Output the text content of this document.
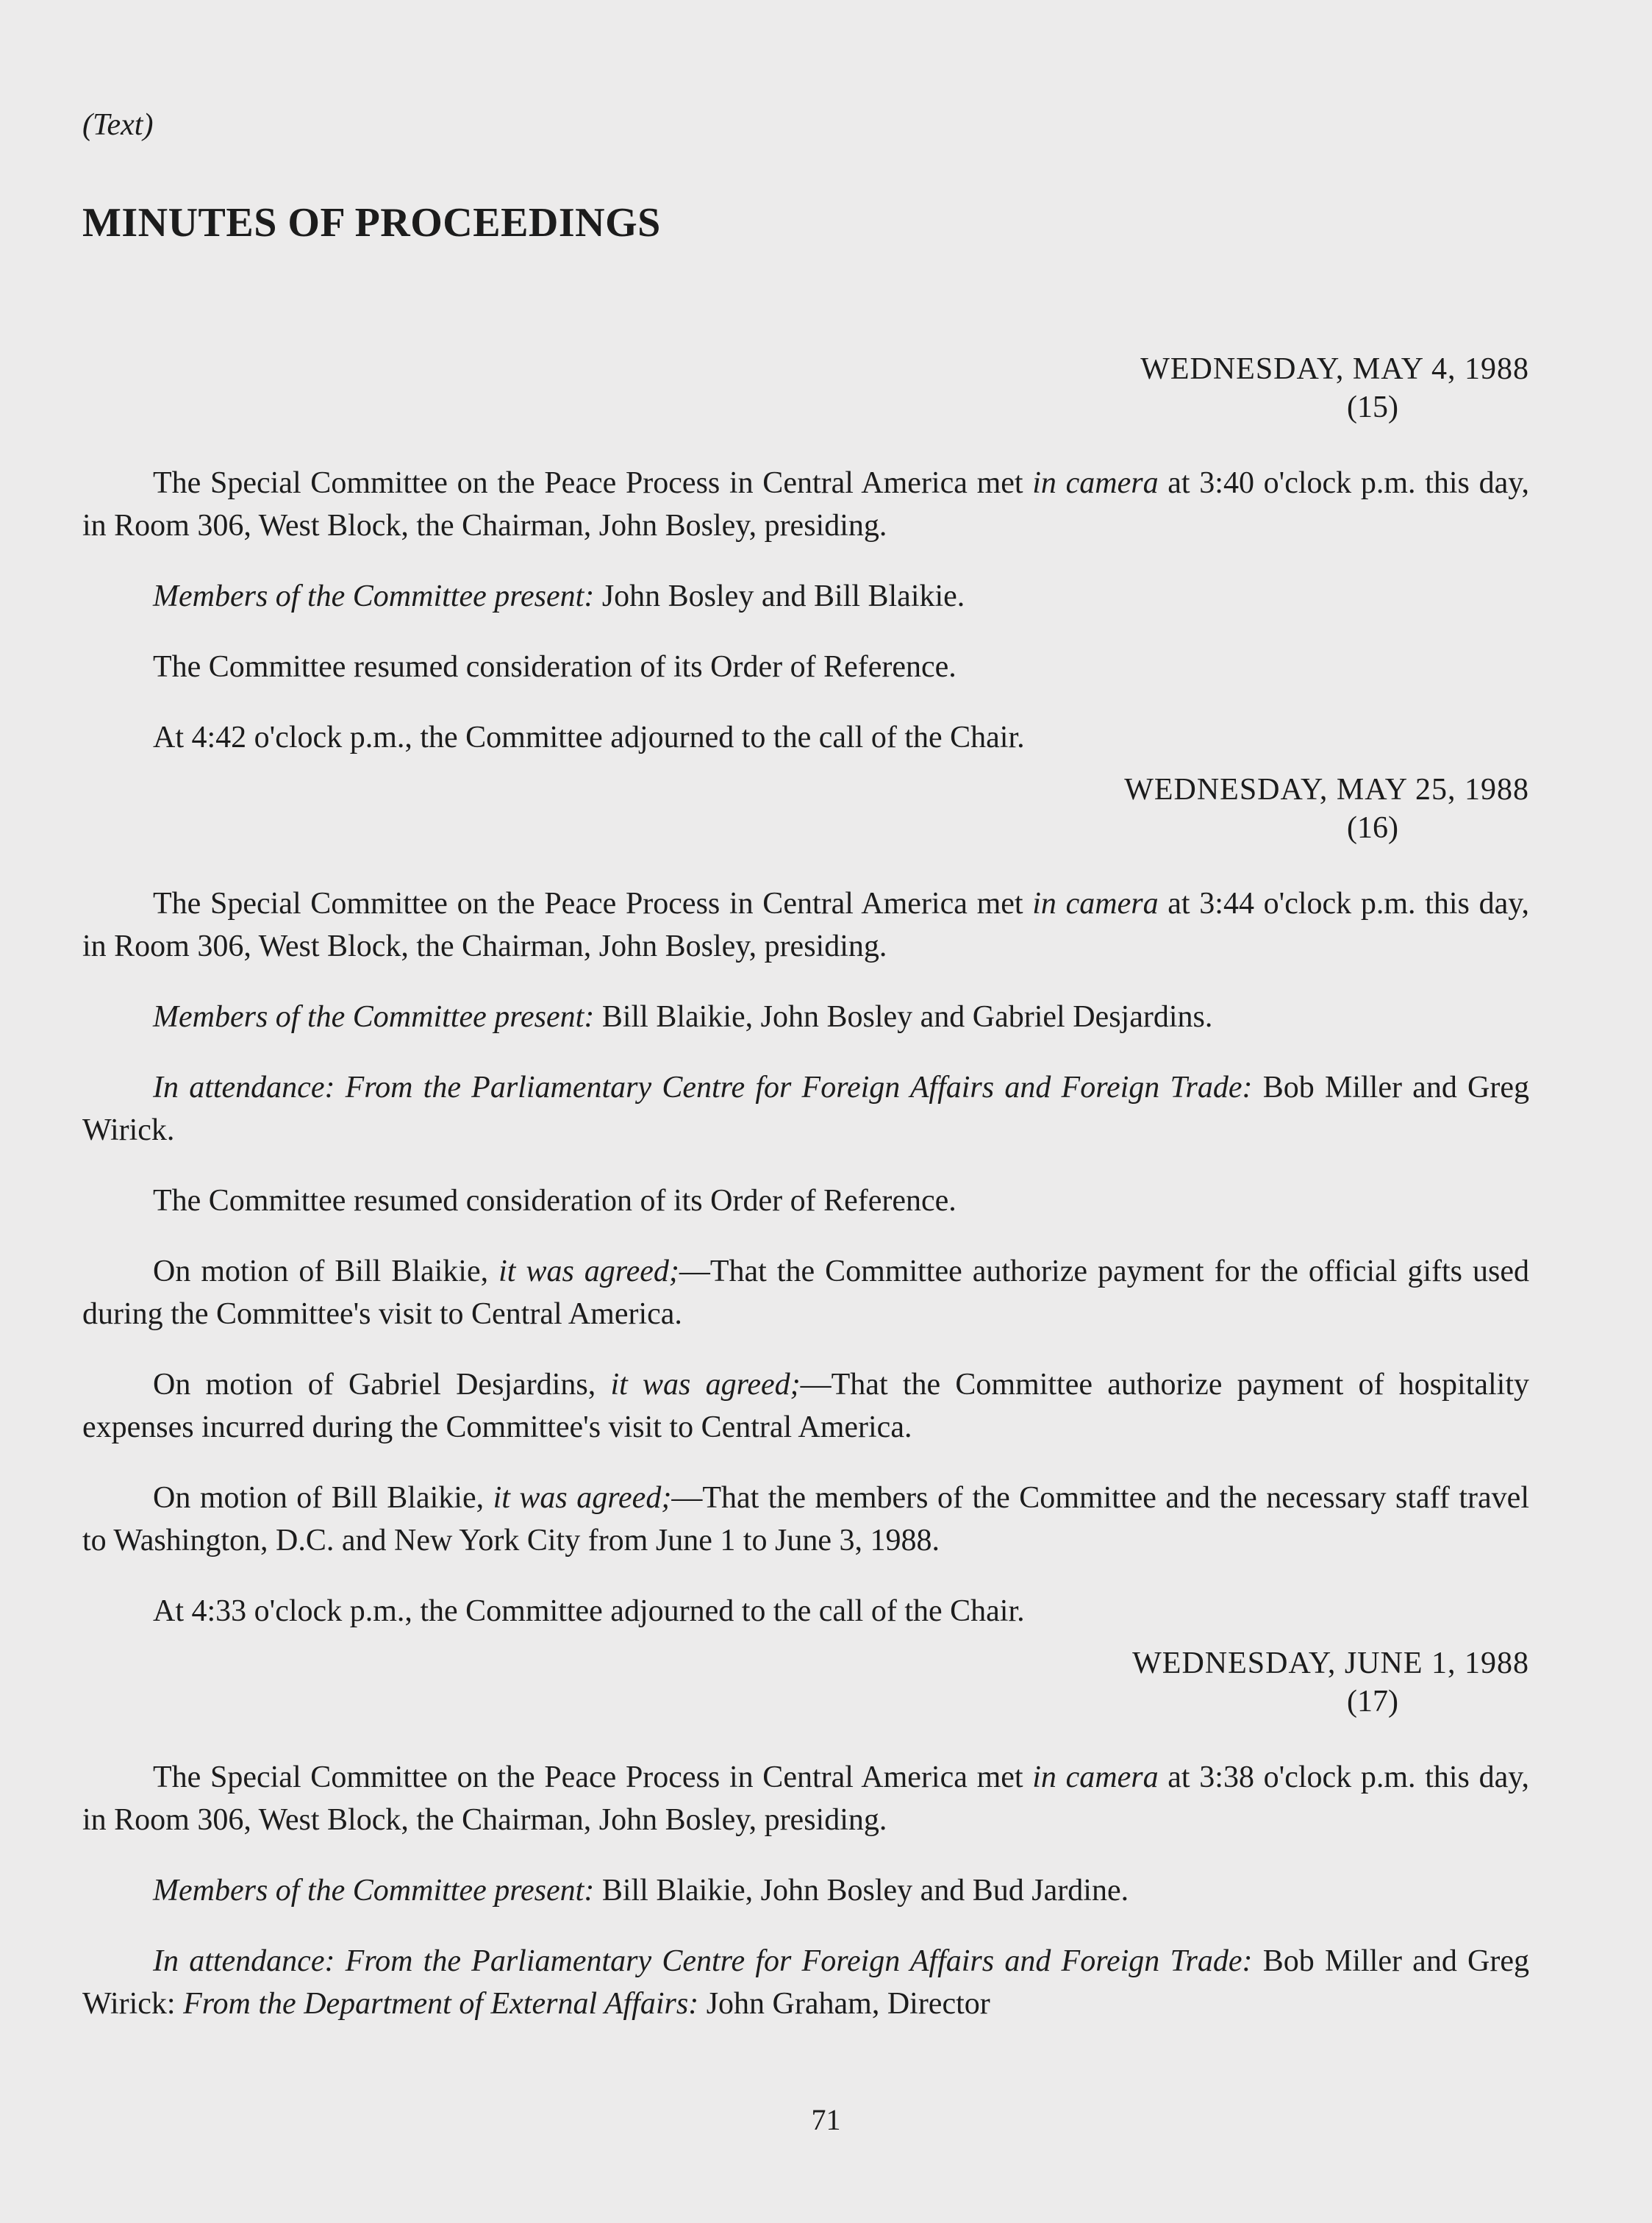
(Text)

MINUTES OF PROCEEDINGS

WEDNESDAY, MAY 4, 1988

(15)

The Special Committee on the Peace Process in Central America met in camera at 3:40 o'clock p.m. this day, in Room 306, West Block, the Chairman, John Bosley, presiding.

Members of the Committee present: John Bosley and Bill Blaikie.

The Committee resumed consideration of its Order of Reference.

At 4:42 o'clock p.m., the Committee adjourned to the call of the Chair.

WEDNESDAY, MAY 25, 1988

(16)

The Special Committee on the Peace Process in Central America met in camera at 3:44 o'clock p.m. this day, in Room 306, West Block, the Chairman, John Bosley, presiding.

Members of the Committee present: Bill Blaikie, John Bosley and Gabriel Desjardins.

In attendance: From the Parliamentary Centre for Foreign Affairs and Foreign Trade: Bob Miller and Greg Wirick.

The Committee resumed consideration of its Order of Reference.

On motion of Bill Blaikie, it was agreed;—That the Committee authorize payment for the official gifts used during the Committee's visit to Central America.

On motion of Gabriel Desjardins, it was agreed;—That the Committee authorize payment of hospitality expenses incurred during the Committee's visit to Central America.

On motion of Bill Blaikie, it was agreed;—That the members of the Committee and the necessary staff travel to Washington, D.C. and New York City from June 1 to June 3, 1988.

At 4:33 o'clock p.m., the Committee adjourned to the call of the Chair.

WEDNESDAY, JUNE 1, 1988

(17)

The Special Committee on the Peace Process in Central America met in camera at 3:38 o'clock p.m. this day, in Room 306, West Block, the Chairman, John Bosley, presiding.

Members of the Committee present: Bill Blaikie, John Bosley and Bud Jardine.

In attendance: From the Parliamentary Centre for Foreign Affairs and Foreign Trade: Bob Miller and Greg Wirick: From the Department of External Affairs: John Graham, Director

71
